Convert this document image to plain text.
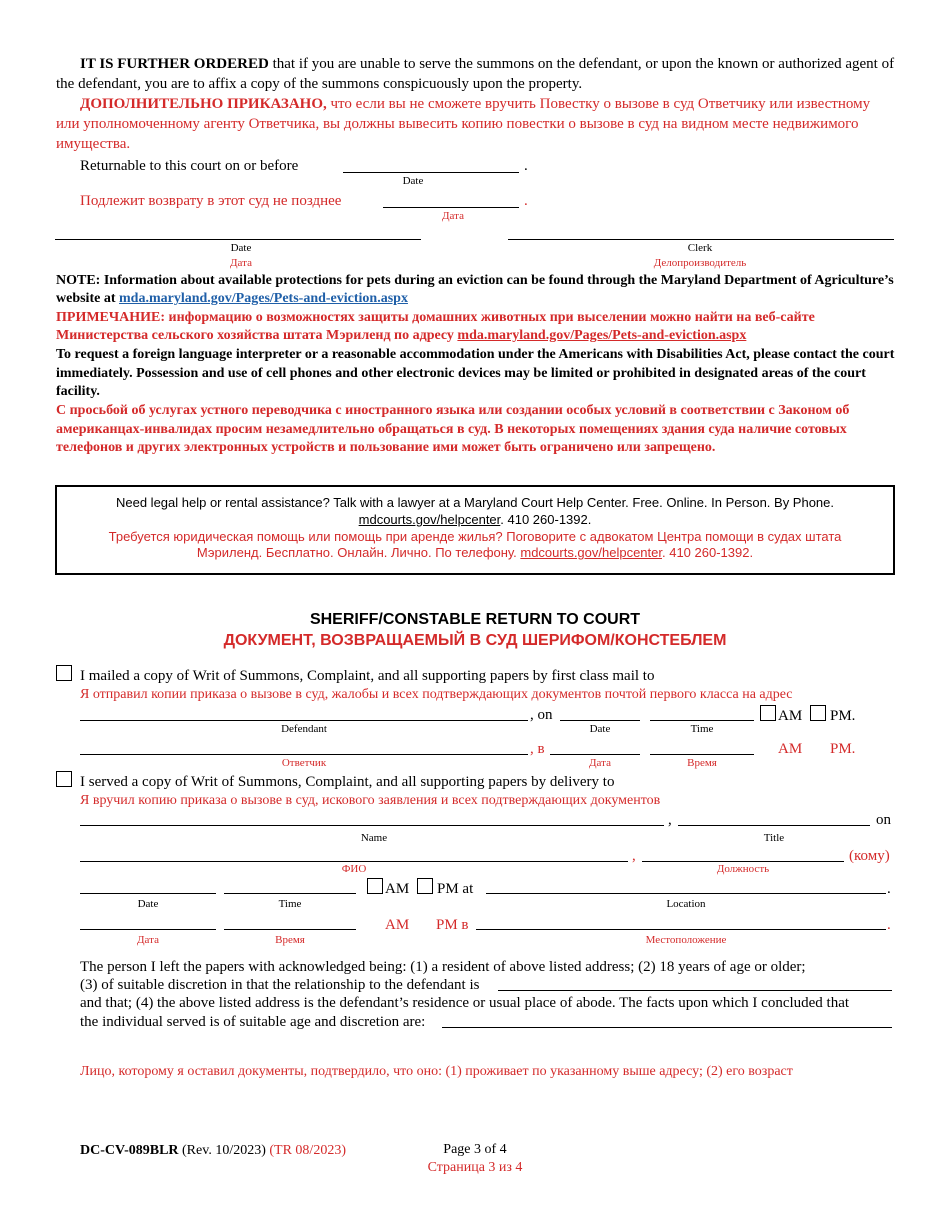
IT IS FURTHER ORDERED that if you are unable to serve the summons on the defendant, or upon the known or authorized agent of the defendant, you are to affix a copy of the summons conspicuously upon the property.
ДОПОЛНИТЕЛЬНО ПРИКАЗАНО, что если вы не сможете вручить Повестку о вызове в суд Ответчику или известному или уполномоченному агенту Ответчика, вы должны вывесить копию повестки о вызове в суд на видном месте недвижимого имущества.
Returnable to this court on or before	.
Date
Подлежит возврату в этот суд не позднее	.
Дата
Date
Дата
Clerk
Делопроизводитель
NOTE: Information about available protections for pets during an eviction can be found through the Maryland Department of Agriculture’s website at mda.maryland.gov/Pages/Pets-and-eviction.aspx
ПРИМЕЧАНИЕ: информацию о возможностях защиты домашних животных при выселении можно найти на веб-сайте Министерства сельского хозяйства штата Мэриленд по адресу mda.maryland.gov/Pages/Pets-and-eviction.aspx
To request a foreign language interpreter or a reasonable accommodation under the Americans with Disabilities Act, please contact the court immediately. Possession and use of cell phones and other electronic devices may be limited or prohibited in designated areas of the court facility.
С просьбой об услугах устного переводчика с иностранного языка или создании особых условий в соответствии с Законом об американцах-инвалидах просим незамедлительно обращаться в суд. В некоторых помещениях здания суда наличие сотовых телефонов и других электронных устройств и пользование ими может быть ограничено или запрещено.
Need legal help or rental assistance? Talk with a lawyer at a Maryland Court Help Center. Free. Online. In Person. By Phone.
mdcourts.gov/helpcenter. 410 260-1392.
Требуется юридическая помощь или помощь при аренде жилья? Поговорите с адвокатом Центра помощи в судах штата
Мэриленд. Бесплатно. Онлайн. Лично. По телефону. mdcourts.gov/helpcenter. 410 260-1392.
SHERIFF/CONSTABLE RETURN TO COURT
ДОКУМЕНТ, ВОЗВРАЩАЕМЫЙ В СУД ШЕРИФОМ/КОНСТЕБЛЕМ
I mailed a copy of Writ of Summons, Complaint, and all supporting papers by first class mail to
Я отправил копии приказа о вызове в суд, жалобы и всех подтверждающих документов почтой первого класса на адрес
, on	AM PM.
Defendant	Date	Time
, в	AM PM.
Ответчик	Дата	Время
I served a copy of Writ of Summons, Complaint, and all supporting papers by delivery to
Я вручил копию приказа о вызове в суд, искового заявления и всех подтверждающих документов
,	on
Name	Title
,	(кому)
ФИО	Должность
AM PM at	.
Date	Time	Location
AM PM в	.
Дата	Время	Местоположение
The person I left the papers with acknowledged being: (1) a resident of above listed address; (2) 18 years of age or older;
(3) of suitable discretion in that the relationship to the defendant is
and that; (4) the above listed address is the defendant’s residence or usual place of abode. The facts upon which I concluded that
the individual served is of suitable age and discretion are:
Лицо, которому я оставил документы, подтвердило, что оно: (1) проживает по указанному выше адресу; (2) его возраст
DC-CV-089BLR (Rev. 10/2023) (TR 08/2023)	Page 3 of 4
Страница 3 из 4
